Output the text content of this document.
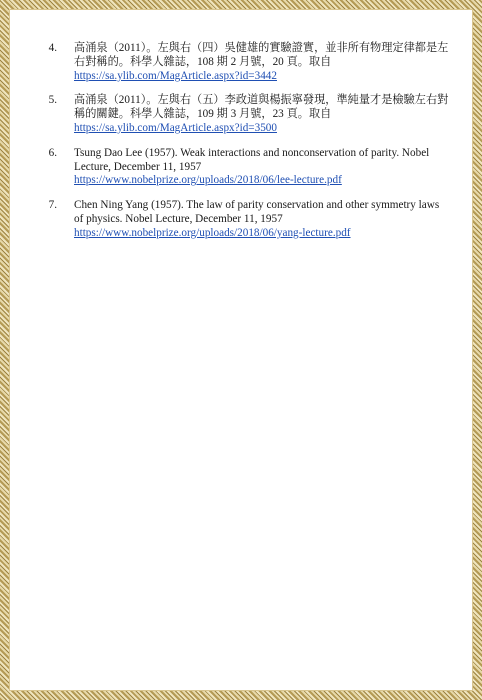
4. 高涌泉（2011）。左與右（四）吳健雄的實驗證實，並非所有物理定律都是左右對稱的。科學人雜誌，108 期 2 月號，20 頁。取自
https://sa.ylib.com/MagArticle.aspx?id=3442
5. 高涌泉（2011）。左與右（五）李政道與楊振寧發現，準純量才是檢驗左右對稱的關鍵。科學人雜誌，109 期 3 月號，23 頁。取自
https://sa.ylib.com/MagArticle.aspx?id=3500
6. Tsung Dao Lee (1957). Weak interactions and nonconservation of parity. Nobel Lecture, December 11, 1957
https://www.nobelprize.org/uploads/2018/06/lee-lecture.pdf
7. Chen Ning Yang (1957). The law of parity conservation and other symmetry laws of physics. Nobel Lecture, December 11, 1957
https://www.nobelprize.org/uploads/2018/06/yang-lecture.pdf
